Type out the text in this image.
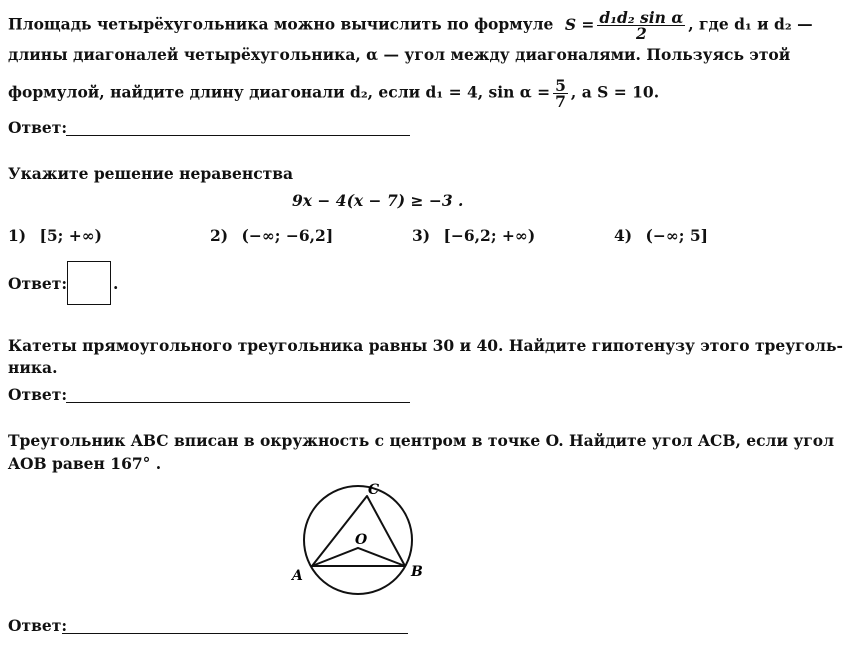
Площадь четырёхугольника можно вычислить по формуле $S = \frac{\text{d₁d₂ sin α}}{2}$ , где d₁ и d₂ —
длины диагоналей четырёхугольника, α — угол между диагоналями. Пользуясь этой
формулой, найдите длину диагонали d₂, если d₁ = 4, $\sin \alpha = \frac{5}{7}$ , а S = 10.
Ответ:
Укажите решение неравенства
9x − 4(x − 7) ≥ −3 .
1) [5; +∞)	2) (−∞; −6,2]	3) [−6,2; +∞)	4) (−∞; 5]
Ответ:	.
Катеты прямоугольного треугольника равны 30 и 40. Найдите гипотенузу этого треуголь-
ника.
Ответ:
Треугольник ABC вписан в окружность с центром в точке O. Найдите угол ACB, если угол
AOB равен 167° .
A	B
C
O
Ответ:
